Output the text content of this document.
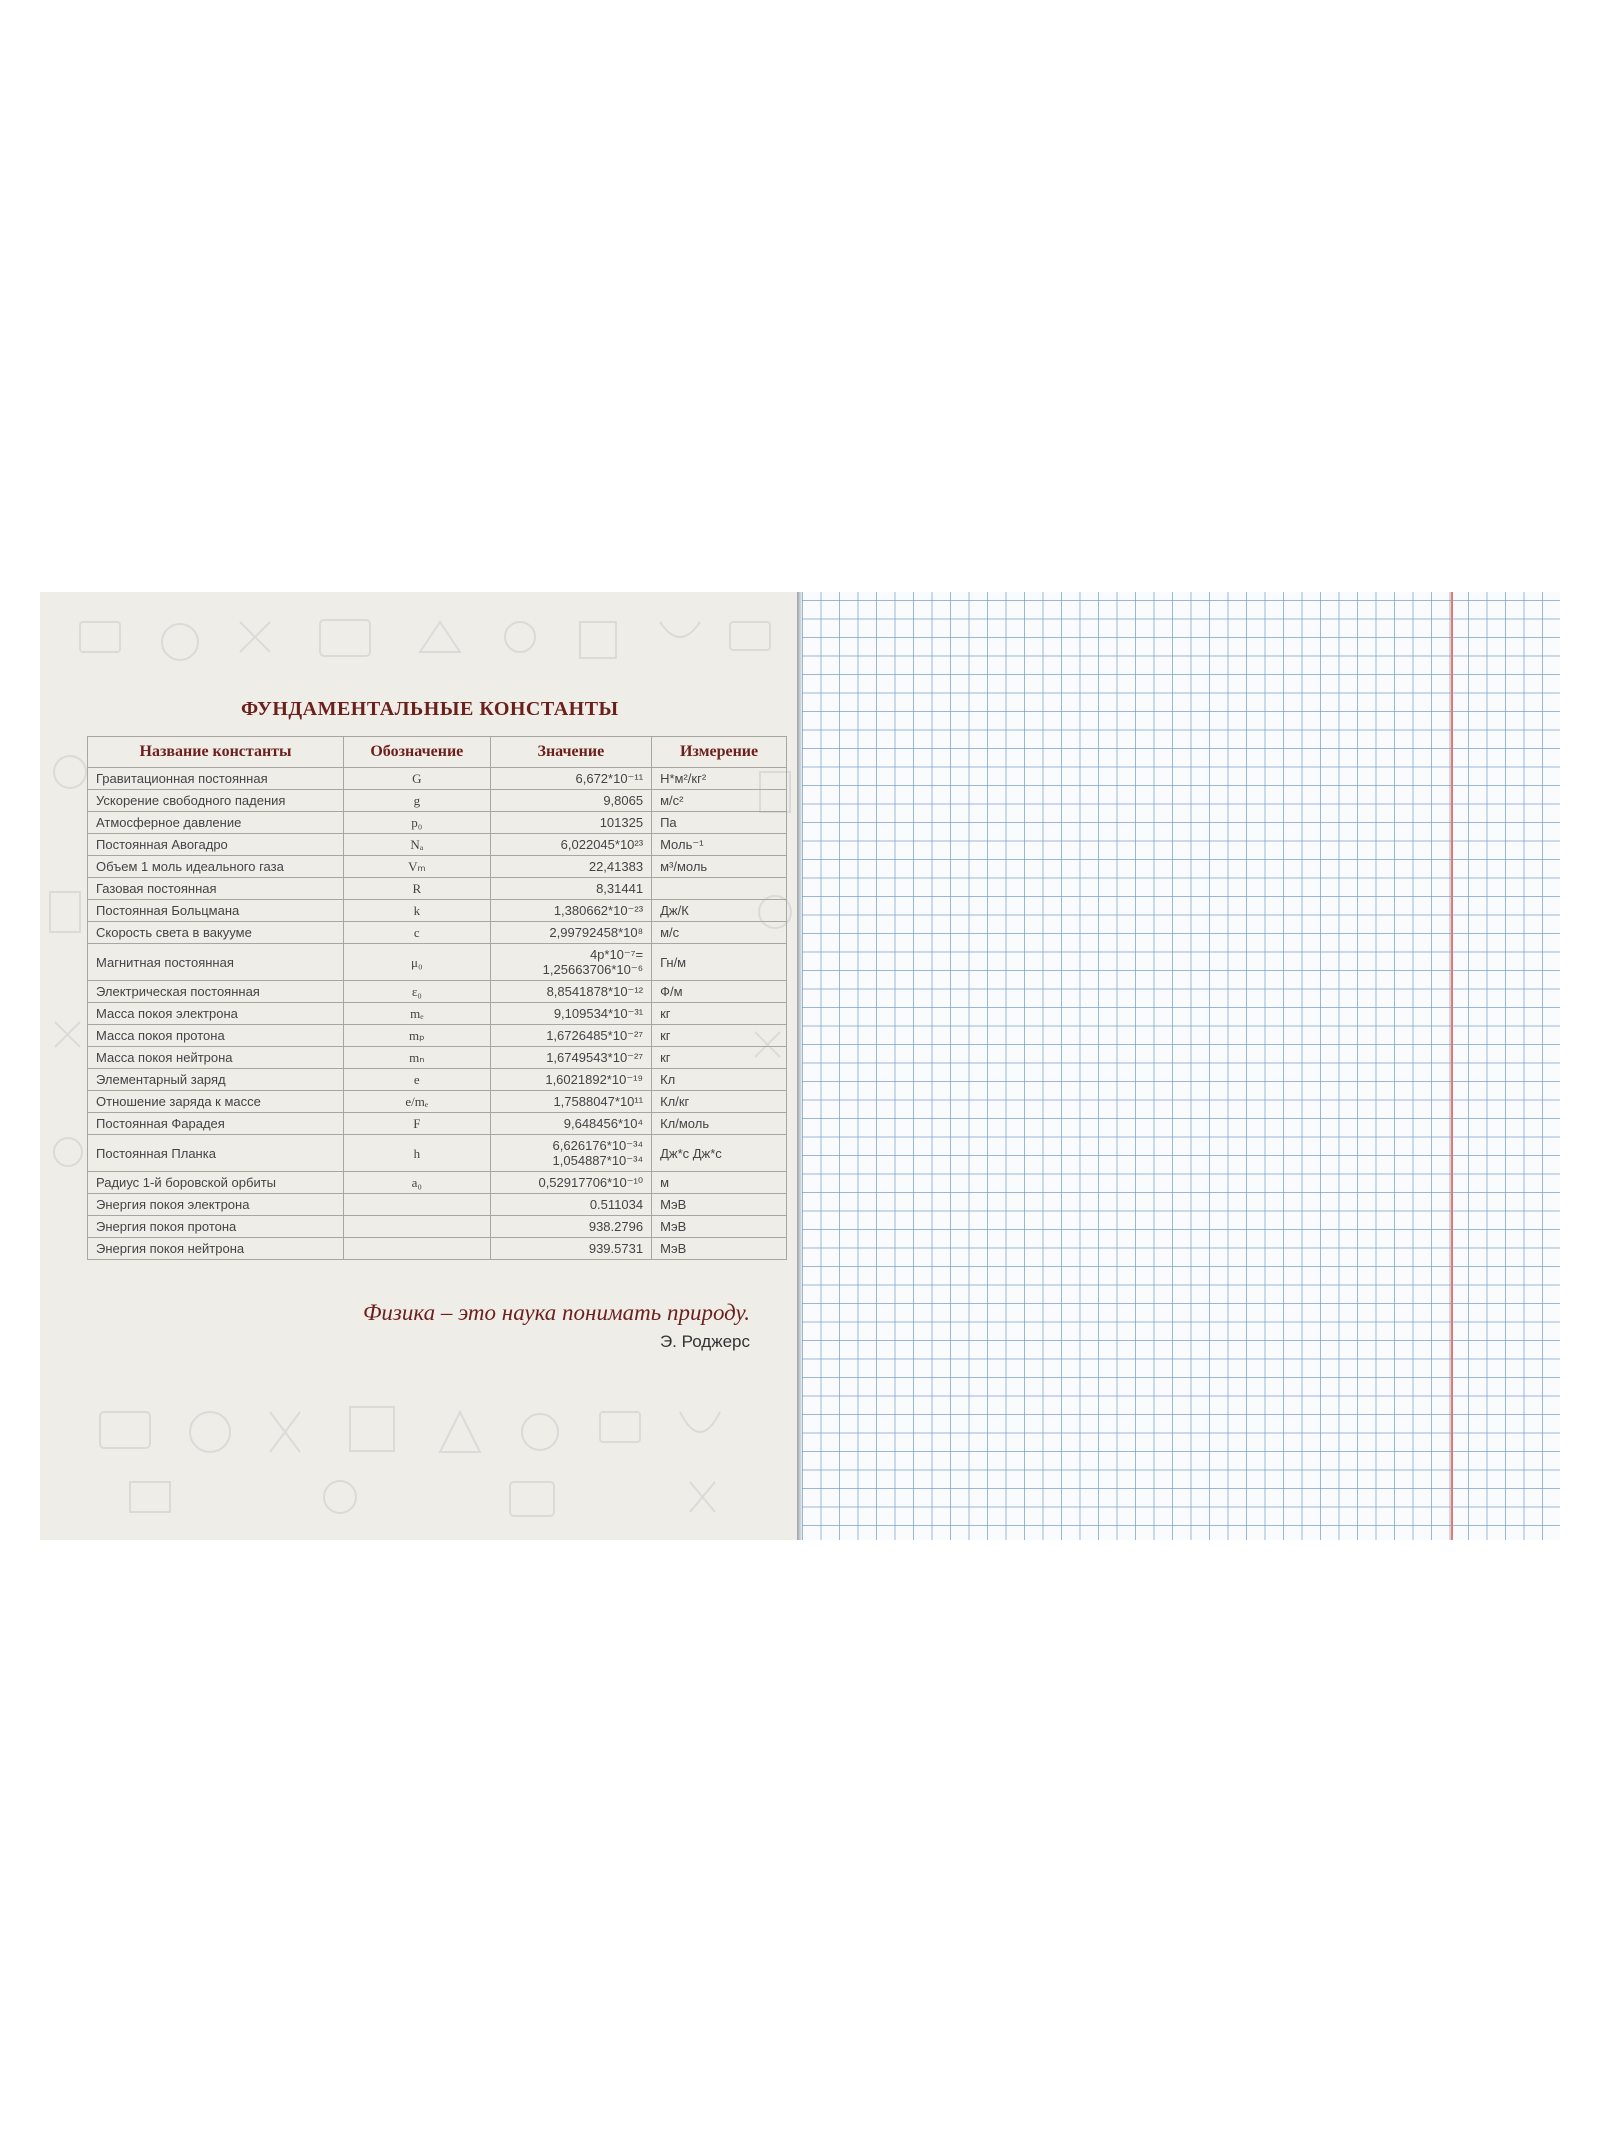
ФУНДАМЕНТАЛЬНЫЕ КОНСТАНТЫ
Название константы	Обозначение	Значение	Измерение
Гравитационная постоянная	G	6,672*10⁻¹¹	Н*м²/кг²
Ускорение свободного падения	g	9,8065	м/с²
Атмосферное давление	p₀	101325	Па
Постоянная Авогадро	Nₐ	6,022045*10²³	Моль⁻¹
Объем 1 моль идеального газа	Vₘ	22,41383	м³/моль
Газовая постоянная	R	8,31441	
Постоянная Больцмана	k	1,380662*10⁻²³	Дж/К
Скорость света в вакууме	c	2,99792458*10⁸	м/с
Магнитная постоянная	μ₀	4p*10⁻⁷= 1,25663706*10⁻⁶	Гн/м
Электрическая постоянная	ε₀	8,8541878*10⁻¹²	Ф/м
Масса покоя электрона	mₑ	9,109534*10⁻³¹	кг
Масса покоя протона	mₚ	1,6726485*10⁻²⁷	кг
Масса покоя нейтрона	mₙ	1,6749543*10⁻²⁷	кг
Элементарный заряд	e	1,6021892*10⁻¹⁹	Кл
Отношение заряда к массе	e/mₑ	1,7588047*10¹¹	Кл/кг
Постоянная Фарадея	F	9,648456*10⁴	Кл/моль
Постоянная Планка	h	6,626176*10⁻³⁴ 1,054887*10⁻³⁴	Дж*с Дж*с
Радиус 1-й боровской орбиты	a₀	0,52917706*10⁻¹⁰	м
Энергия покоя электрона		0.511034	МэВ
Энергия покоя протона		938.2796	МэВ
Энергия покоя нейтрона		939.5731	МэВ
Физика – это наука понимать природу.
Э. Роджерс
